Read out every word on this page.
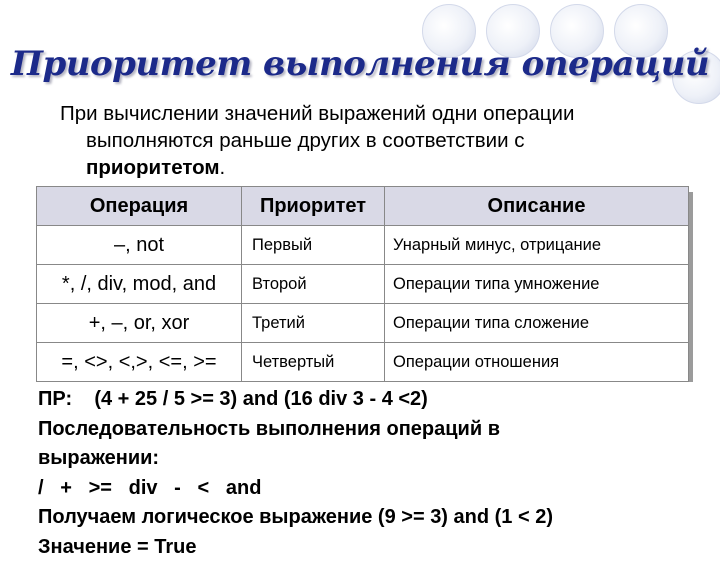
Приоритет выполнения операций
При вычислении значений выражений одни операции
выполняются раньше других в соответствии с
приоритетом.
Операция	Приоритет	Описание
–, not	Первый	Унарный минус, отрицание
*, /, div, mod, and	Второй	Операции типа умножение
+, –, or, xor	Третий	Операции типа сложение
=, <>, <,>, <=, >=	Четвертый	Операции отношения
ПР:    (4 + 25 / 5 >= 3) and (16 div 3 - 4 <2)
Последовательность выполнения операций в
выражении:
/   +   >=   div   -   <   and
Получаем логическое выражение (9 >= 3) and (1 < 2)
Значение = True
